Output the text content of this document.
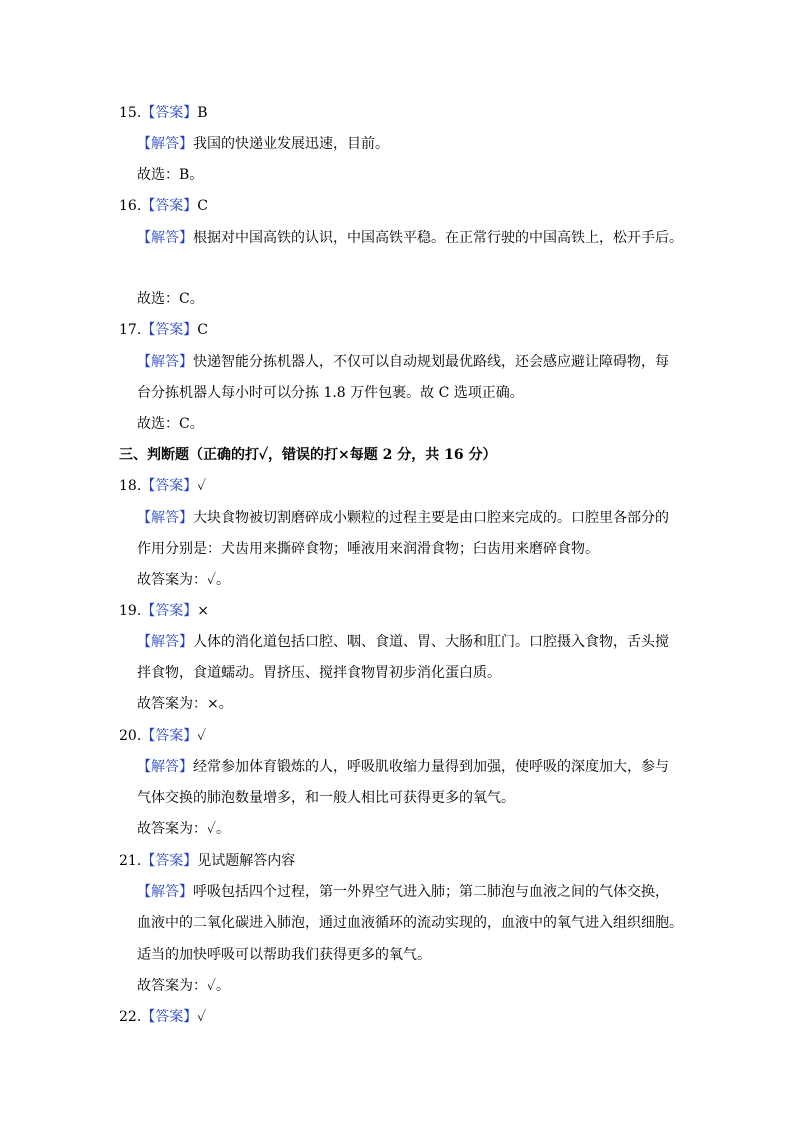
15.【答案】B
【解答】我国的快递业发展迅速，目前。
故选：B。
16.【答案】C
【解答】根据对中国高铁的认识，中国高铁平稳。在正常行驶的中国高铁上，松开手后。
故选：C。
17.【答案】C
【解答】快递智能分拣机器人，不仅可以自动规划最优路线，还会感应避让障碍物，每
台分拣机器人每小时可以分拣 1.8 万件包裹。故 C 选项正确。
故选：C。
三、判断题（正确的打✓，错误的打×每题 2 分，共 16 分）
18.【答案】✓
【解答】大块食物被切割磨碎成小颗粒的过程主要是由口腔来完成的。口腔里各部分的
作用分别是：犬齿用来撕碎食物；唾液用来润滑食物；臼齿用来磨碎食物。
故答案为：✓。
19.【答案】×
【解答】人体的消化道包括口腔、咽、食道、胃、大肠和肛门。口腔摄入食物，舌头搅
拌食物，食道蠕动。胃挤压、搅拌食物胃初步消化蛋白质。
故答案为：×。
20.【答案】✓
【解答】经常参加体育锻炼的人，呼吸肌收缩力量得到加强，使呼吸的深度加大，参与
气体交换的肺泡数量增多，和一般人相比可获得更多的氧气。
故答案为：✓。
21.【答案】见试题解答内容
【解答】呼吸包括四个过程，第一外界空气进入肺；第二肺泡与血液之间的气体交换，
血液中的二氧化碳进入肺泡，通过血液循环的流动实现的，血液中的氧气进入组织细胞。
适当的加快呼吸可以帮助我们获得更多的氧气。
故答案为：✓。
22.【答案】✓
